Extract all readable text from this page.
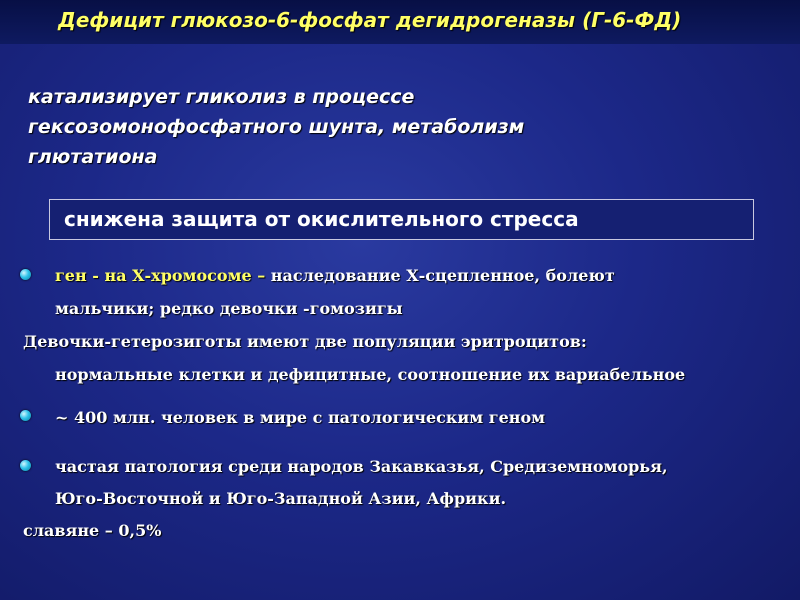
Дефицит глюкозо-6-фосфат дегидрогеназы (Г-6-ФД)
катализирует гликолиз в процессе
гексозомонофосфатного шунта, метаболизм
глютатиона
снижена защита от окислительного стресса
ген - на Х-хромосоме – наследование Х-сцепленное, болеют
мальчики; редко девочки -гомозигы
Девочки-гетерозиготы имеют две популяции эритроцитов:
нормальные клетки и дефицитные, соотношение их вариабельное
~ 400 млн. человек в мире с патологическим геном
частая патология среди народов Закавказья, Средиземноморья,
Юго-Восточной и Юго-Западной Азии, Африки.
славяне – 0,5%
